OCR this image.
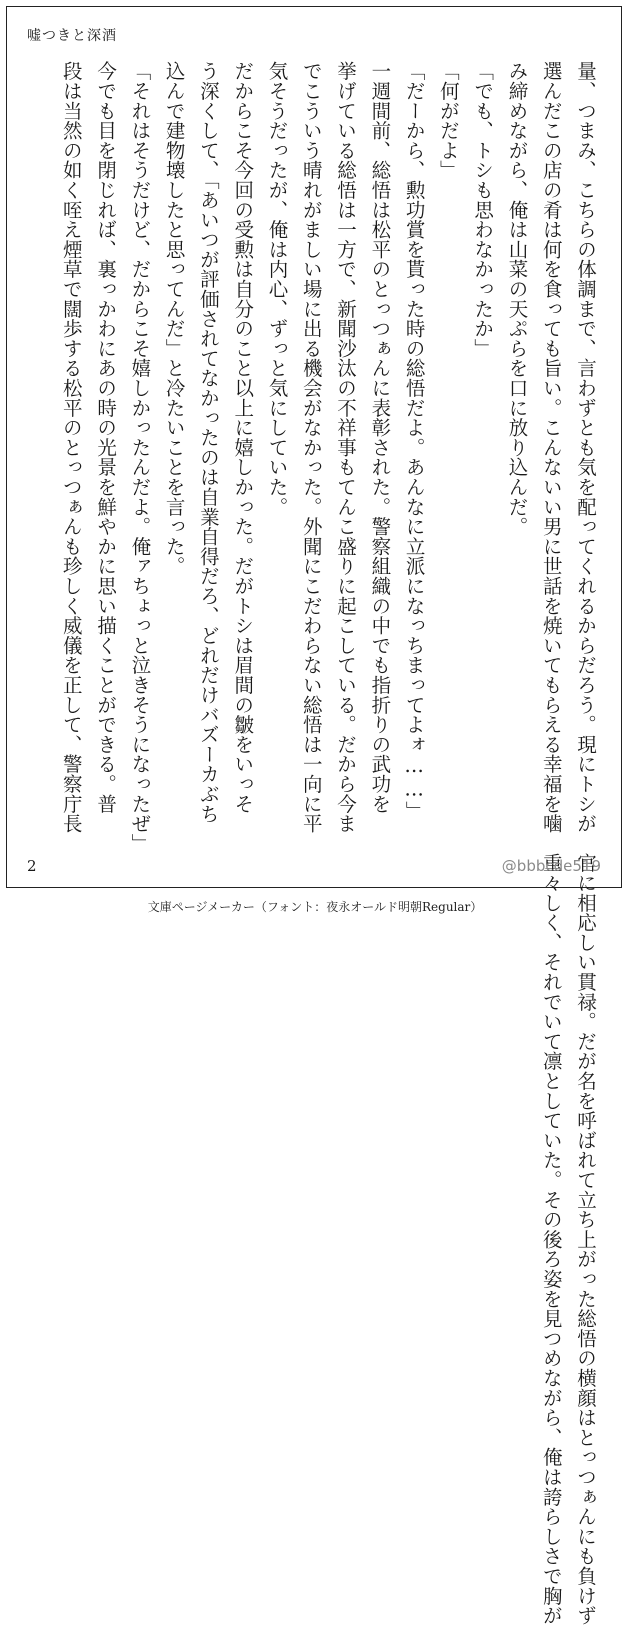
嘘つきと深酒
量、つまみ、こちらの体調まで、言わずとも気を配ってくれるからだろう。現にトシが 選んだこの店の肴は何を食っても旨い。こんないい男に世話を焼いてもらえる幸福を噛 み締めながら、俺は山菜の天ぷらを口に放り込んだ。 「でも、トシも思わなかったか」 「何がだよ」 「だーから、勲功賞を貰った時の総悟だよ。あんなに立派になっちまってよォ……」 一週間前、総悟は松平のとっつぁんに表彰された。警察組織の中でも指折りの武功を 挙げている総悟は一方で、新聞沙汰の不祥事もてんこ盛りに起こしている。だから今ま でこういう晴れがましい場に出る機会がなかった。外聞にこだわらない総悟は一向に平 気そうだったが、俺は内心、ずっと気にしていた。 だからこそ今回の受勲は自分のこと以上に嬉しかった。だがトシは眉間の皺をいっそ う深くして、「あいつが評価されてなかったのは自業自得だろ、どれだけバズーカぶち 込んで建物壊したと思ってんだ」と冷たいことを言った。 「それはそうだけど、だからこそ嬉しかったんだよ。俺ァちょっと泣きそうになったぜ」 今でも目を閉じれば、裏っかわにあの時の光景を鮮やかに思い描くことができる。普 段は当然の如く咥え煙草で闊歩する松平のとっつぁんも珍しく威儀を正して、警察庁長 官に相応しい貫禄。だが名を呼ばれて立ち上がった総悟の横顔はとっつぁんにも負けず 重々しく、それでいて凛としていた。その後ろ姿を見つめながら、俺は誇らしさで胸が
2	@bbbcde519
文庫ページメーカー（フォント：夜永オールド明朝Regular）
